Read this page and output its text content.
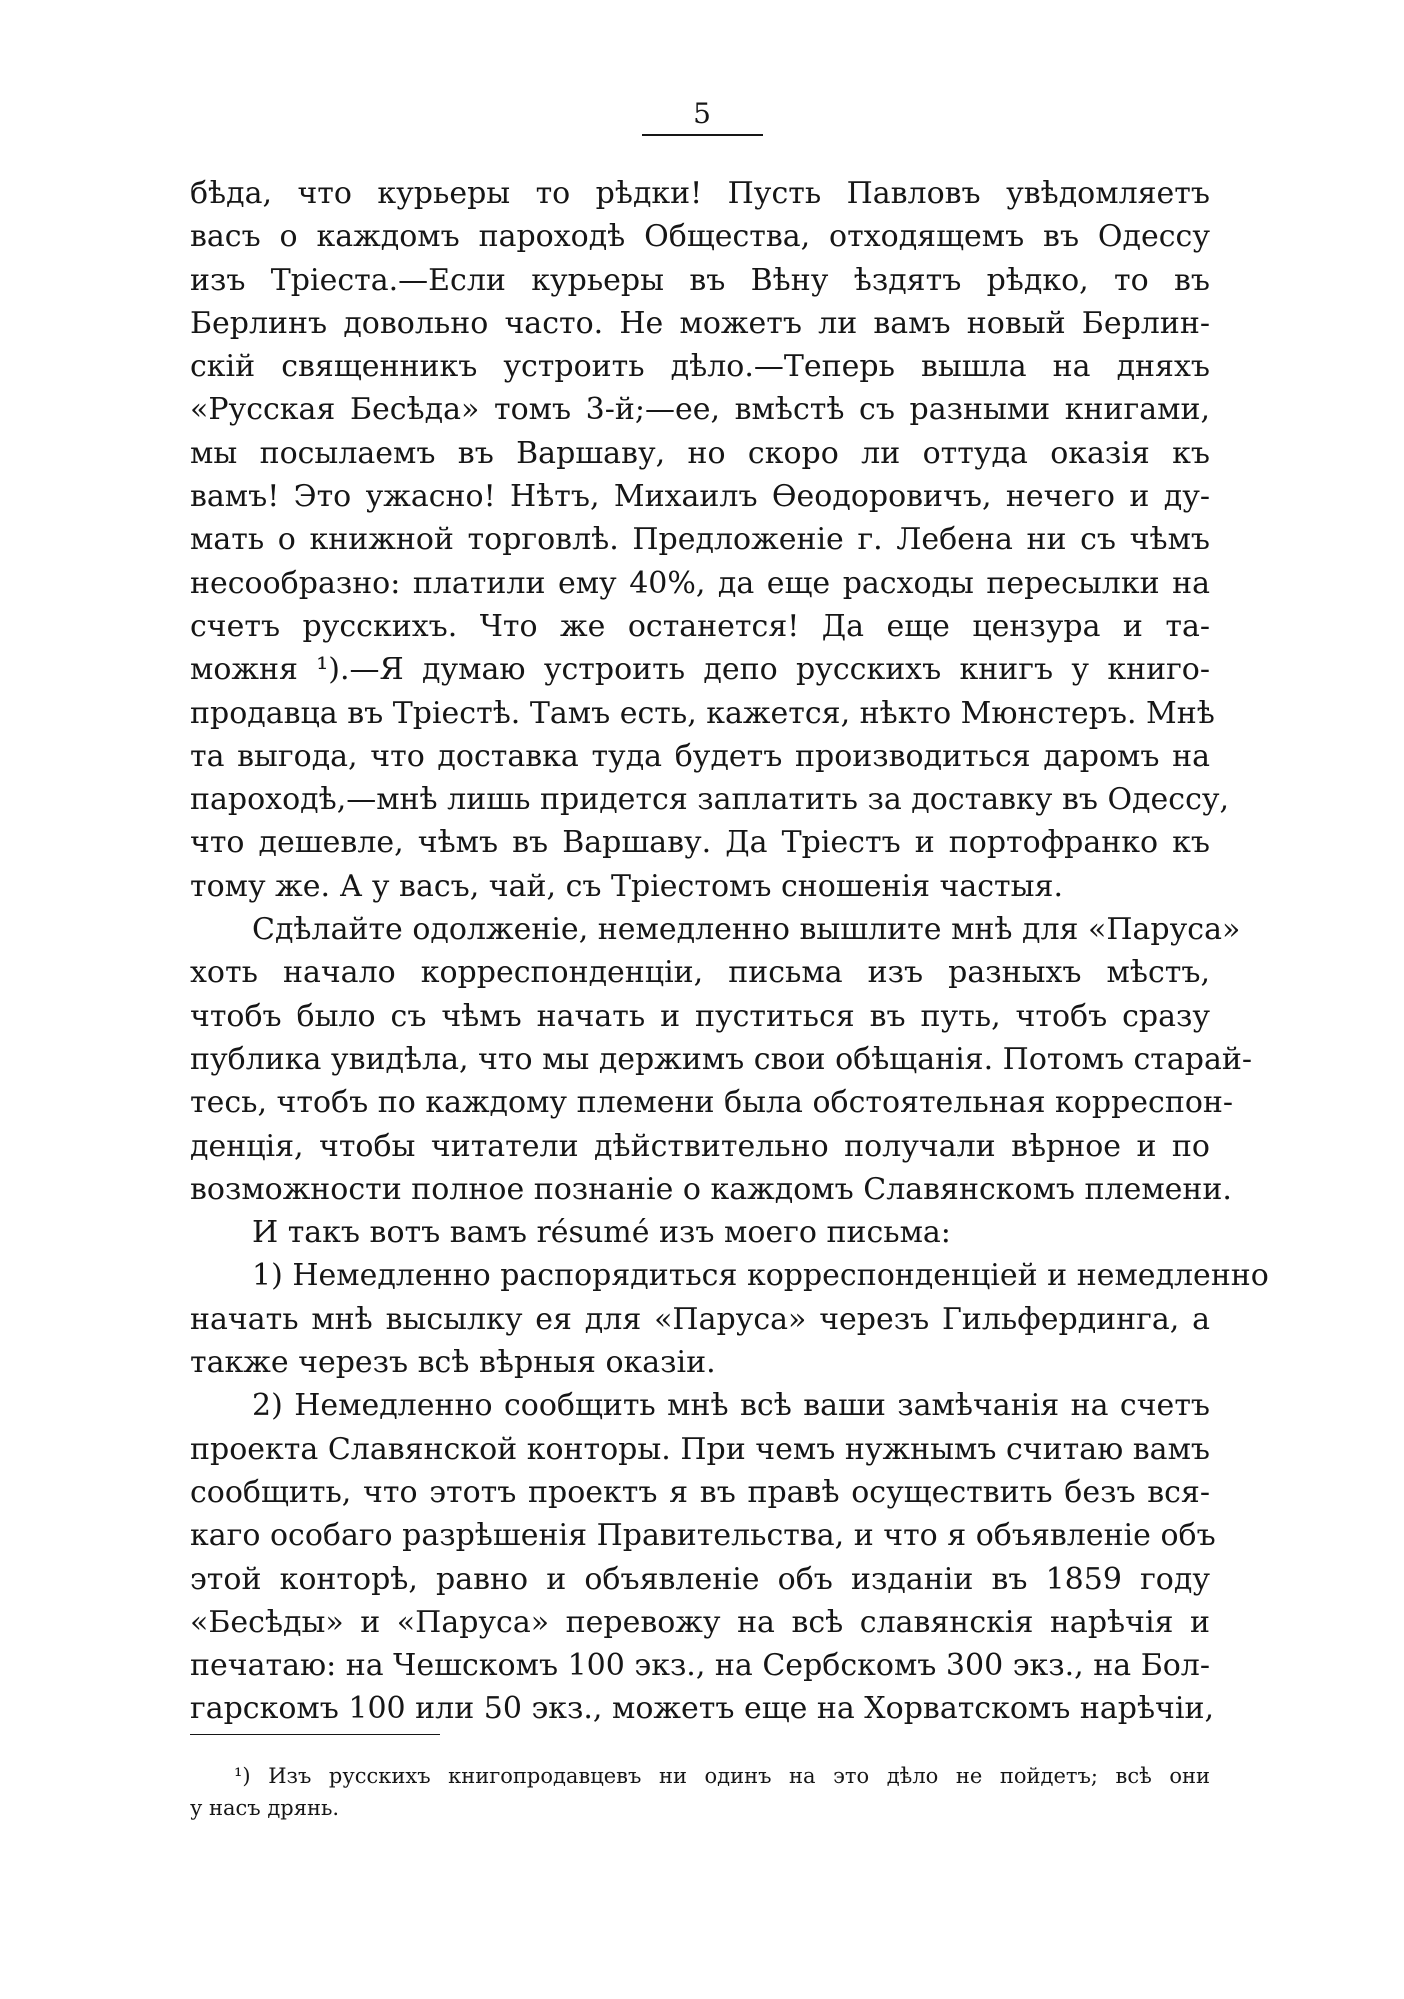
5
бѣда, что курьеры то рѣдки! Пусть Павловъ увѣдомляетъ
васъ о каждомъ пароходѣ Общества, отходящемъ въ Одессу
изъ Тріеста.—Если курьеры въ Вѣну ѣздятъ рѣдко, то въ
Берлинъ довольно часто. Не можетъ ли вамъ новый Берлин-
скій священникъ устроить дѣло.—Теперь вышла на дняхъ
«Русская Бесѣда» томъ 3-й;—ее, вмѣстѣ съ разными книгами,
мы посылаемъ въ Варшаву, но скоро ли оттуда оказія къ
вамъ! Это ужасно! Нѣтъ, Михаилъ Ѳеодоровичъ, нечего и ду-
мать о книжной торговлѣ. Предложеніе г. Лебена ни съ чѣмъ
несообразно: платили ему 40%, да еще расходы пересылки на
счетъ русскихъ. Что же останется! Да еще цензура и та-
можня ¹).—Я думаю устроить депо русскихъ книгъ у книго-
продавца въ Тріестѣ. Тамъ есть, кажется, нѣкто Мюнстеръ. Мнѣ
та выгода, что доставка туда будетъ производиться даромъ на
пароходѣ,—мнѣ лишь придется заплатить за доставку въ Одессу,
что дешевле, чѣмъ въ Варшаву. Да Тріестъ и портофранко къ
тому же. А у васъ, чай, съ Тріестомъ сношенія частыя.
Сдѣлайте одолженіе, немедленно вышлите мнѣ для «Паруса»
хоть начало корреспонденціи, письма изъ разныхъ мѣстъ,
чтобъ было съ чѣмъ начать и пуститься въ путь, чтобъ сразу
публика увидѣла, что мы держимъ свои обѣщанія. Потомъ старай-
тесь, чтобъ по каждому племени была обстоятельная корреспон-
денція, чтобы читатели дѣйствительно получали вѣрное и по
возможности полное познаніе о каждомъ Славянскомъ племени.
И такъ вотъ вамъ résumé изъ моего письма:
1) Немедленно распорядиться корреспонденціей и немедленно
начать мнѣ высылку ея для «Паруса» черезъ Гильфердинга, а
также черезъ всѣ вѣрныя оказіи.
2) Немедленно сообщить мнѣ всѣ ваши замѣчанія на счетъ
проекта Славянской конторы. При чемъ нужнымъ считаю вамъ
сообщить, что этотъ проектъ я въ правѣ осуществить безъ вся-
каго особаго разрѣшенія Правительства, и что я объявленіе объ
этой конторѣ, равно и объявленіе объ изданіи въ 1859 году
«Бесѣды» и «Паруса» перевожу на всѣ славянскія нарѣчія и
печатаю: на Чешскомъ 100 экз., на Сербскомъ 300 экз., на Бол-
гарскомъ 100 или 50 экз., можетъ еще на Хорватскомъ нарѣчіи,
¹) Изъ русскихъ книгопродавцевъ ни одинъ на это дѣло не пойдетъ; всѣ они
у насъ дрянь.
